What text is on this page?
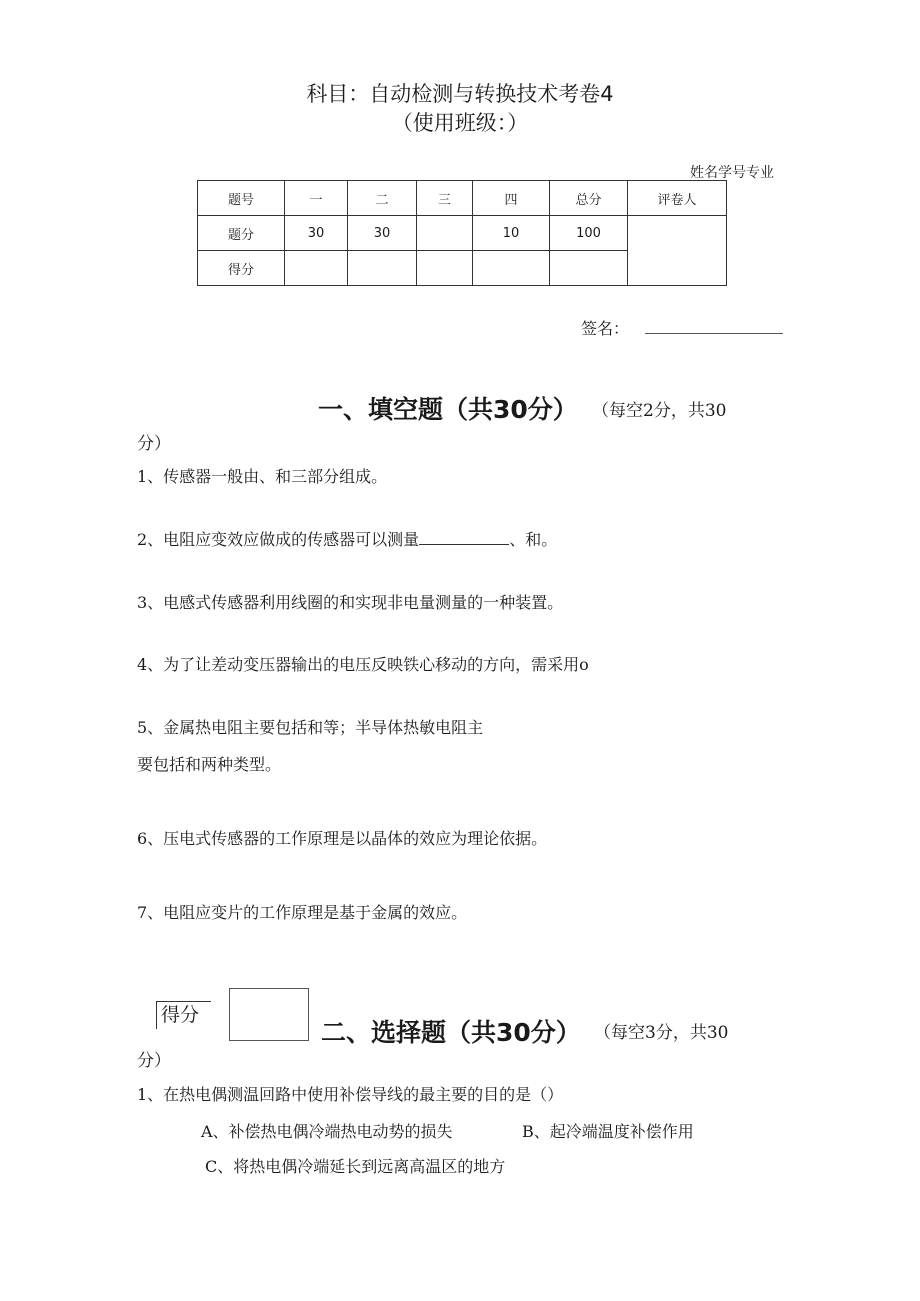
科目：自动检测与转换技术考卷4
（使用班级：）
姓名学号专业
题号	一	二	三	四	总分	评卷人
题分	30	30		10	100	
得分						
签名：
一、填空题（共30分） （每空2分，共30
分）
1、传感器一般由、和三部分组成。
2、电阻应变效应做成的传感器可以测量	、和。
3、电感式传感器利用线圈的和实现非电量测量的一种装置。
4、为了让差动变压器输出的电压反映铁心移动的方向，需采用o
5、金属热电阻主要包括和等；半导体热敏电阻主
要包括和两种类型。
6、压电式传感器的工作原理是以晶体的效应为理论依据。
7、电阻应变片的工作原理是基于金属的效应。
得分
二、选择题（共30分） （每空3分，共30
分）
1、在热电偶测温回路中使用补偿导线的最主要的目的是（）
A、补偿热电偶冷端热电动势的损失	B、起冷端温度补偿作用
C、将热电偶冷端延长到远离高温区的地方
